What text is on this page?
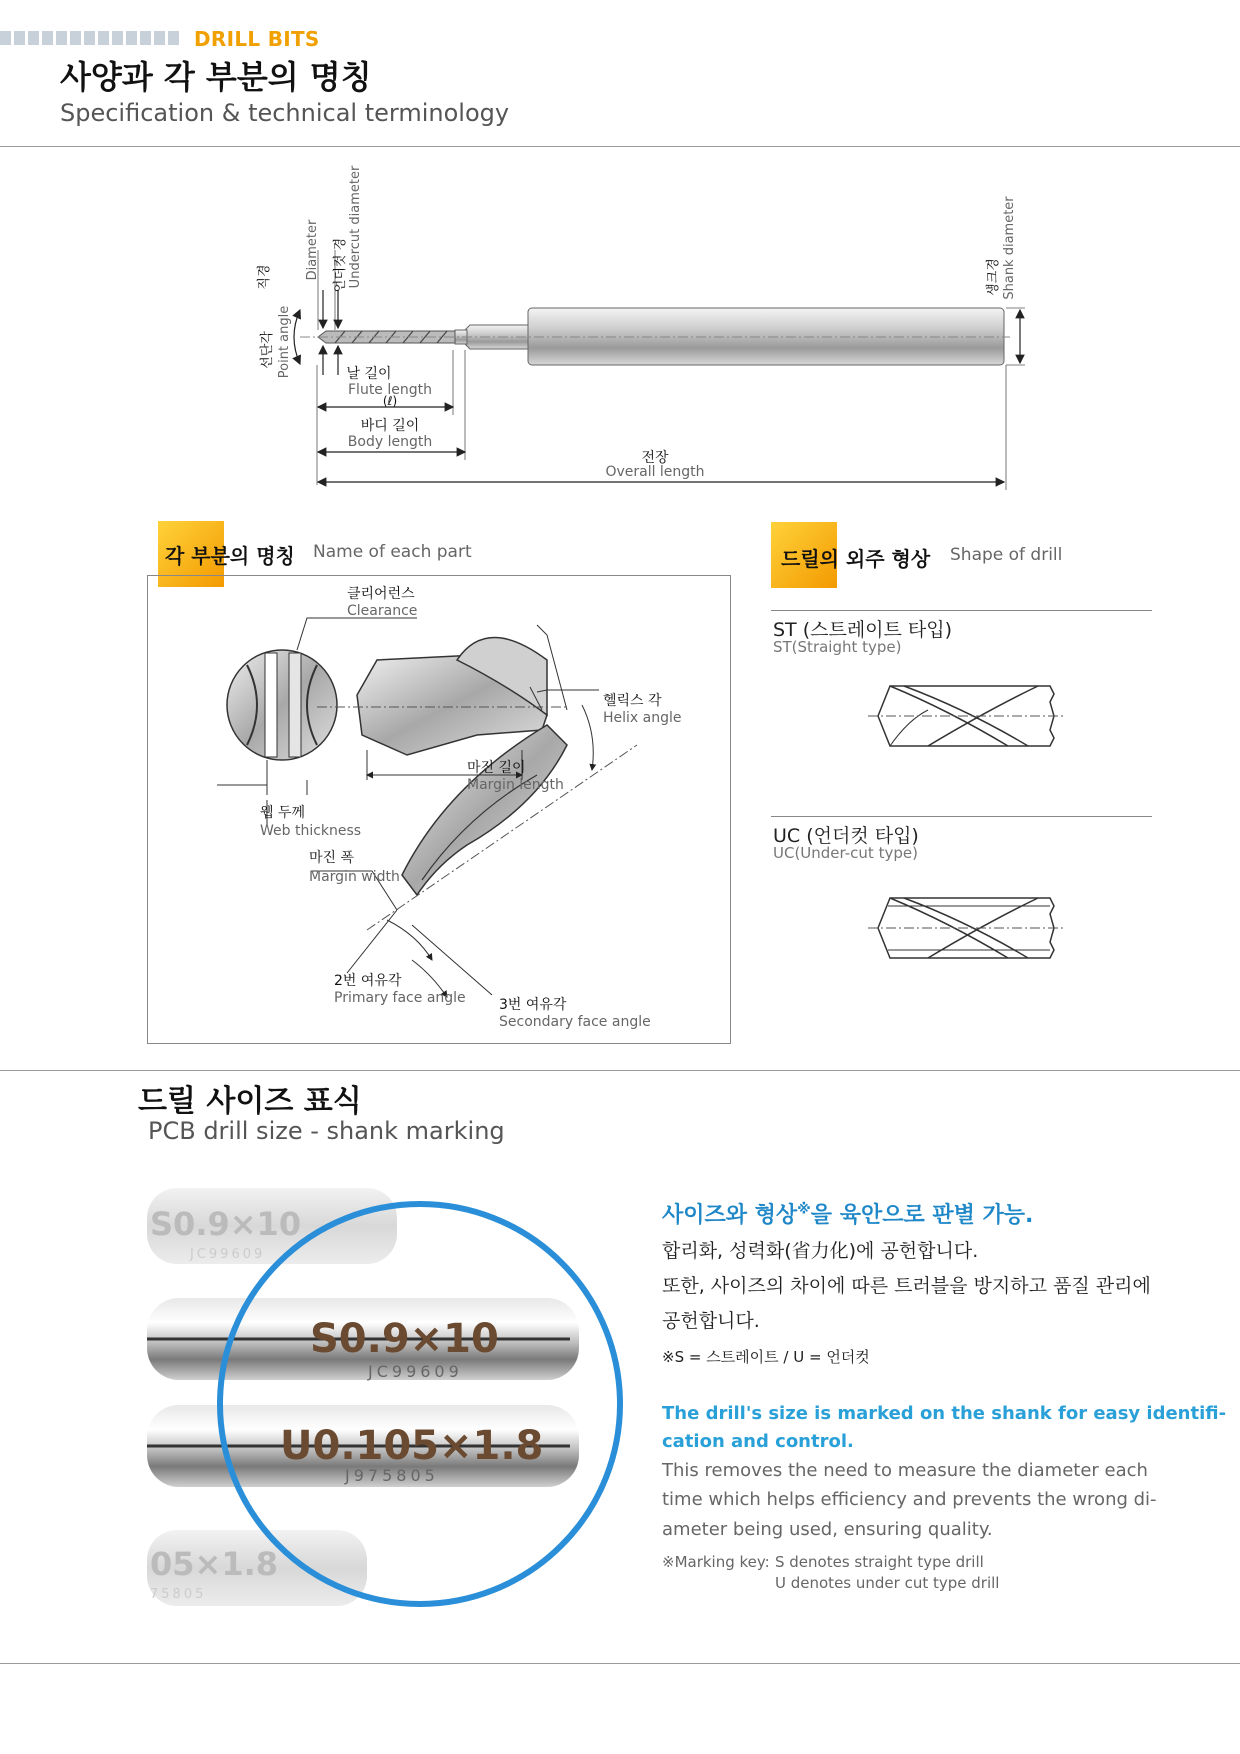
DRILL BITS
사양과 각 부분의 명칭
Specification & technical terminology
날 길이
Flute length
(ℓ)
바디 길이
Body length
전장
Overall length
직경	Diameter 언더컷 경 Undercut diameter
선단각 Point angle
섕크경 Shank diameter
각 부분의 명칭 Name of each part
클리어런스
Clearance
헬릭스 각
Helix angle
마진 길이
Margin length
웹 두께
Web thickness
마진 폭
Margin width
2번 여유각
Primary face angle 3번 여유각
Secondary face angle
드릴의 외주 형상 Shape of drill
ST (스트레이트 타입)
ST(Straight type)
UC (언더컷 타입)
UC(Under-cut type)
드릴 사이즈 표식
PCB drill size - shank marking
S0.9×10
JC99609
05×1.8
75805
S0.9×10
JC99609
U0.105×1.8
J975805
사이즈와 형상※을 육안으로 판별 가능.
합리화, 성력화(省力化)에 공헌합니다.
또한, 사이즈의 차이에 따른 트러블을 방지하고 품질 관리에
공헌합니다.
※S = 스트레이트 / U = 언더컷
The drill's size is marked on the shank for easy identifi-
cation and control.
This removes the need to measure the diameter each
time which helps efficiency and prevents the wrong di-
ameter being used, ensuring quality.
※Marking key: S denotes straight type drill
U denotes under cut type drill
